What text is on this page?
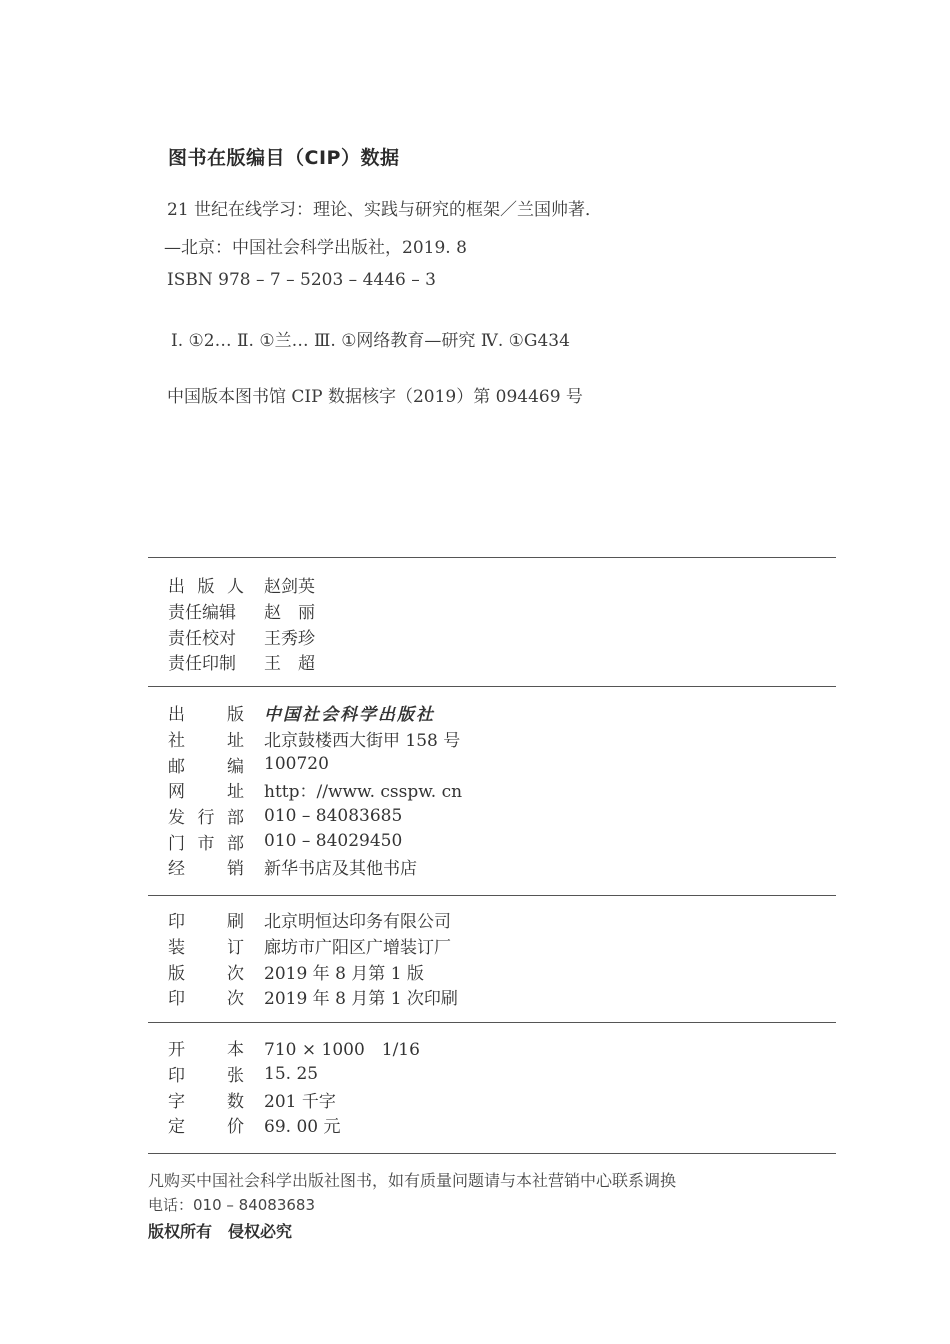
图书在版编目（CIP）数据
21 世纪在线学习：理论、实践与研究的框架／兰国帅著．
—北京：中国社会科学出版社，2019. 8
ISBN 978 – 7 – 5203 – 4446 – 3
Ⅰ. ①2… Ⅱ. ①兰… Ⅲ. ①网络教育—研究 Ⅳ. ①G434
中国版本图书馆 CIP 数据核字（2019）第 094469 号
出 版 人 赵剑英
责任编辑 赵　丽
责任校对 王秀珍
责任印制 王　超
出 版 中国社会科学出版社
社 址 北京鼓楼西大街甲 158 号
邮 编 100720
网 址 http：//www. csspw. cn
发 行 部 010 – 84083685
门 市 部 010 – 84029450
经 销 新华书店及其他书店
印 刷 北京明恒达印务有限公司
装 订 廊坊市广阳区广增装订厂
版 次 2019 年 8 月第 1 版
印 次 2019 年 8 月第 1 次印刷
开 本 710 × 1000　1/16
印 张 15. 25
字 数 201 千字
定 价 69. 00 元
凡购买中国社会科学出版社图书，如有质量问题请与本社营销中心联系调换
电话：010 – 84083683
版权所有　侵权必究
